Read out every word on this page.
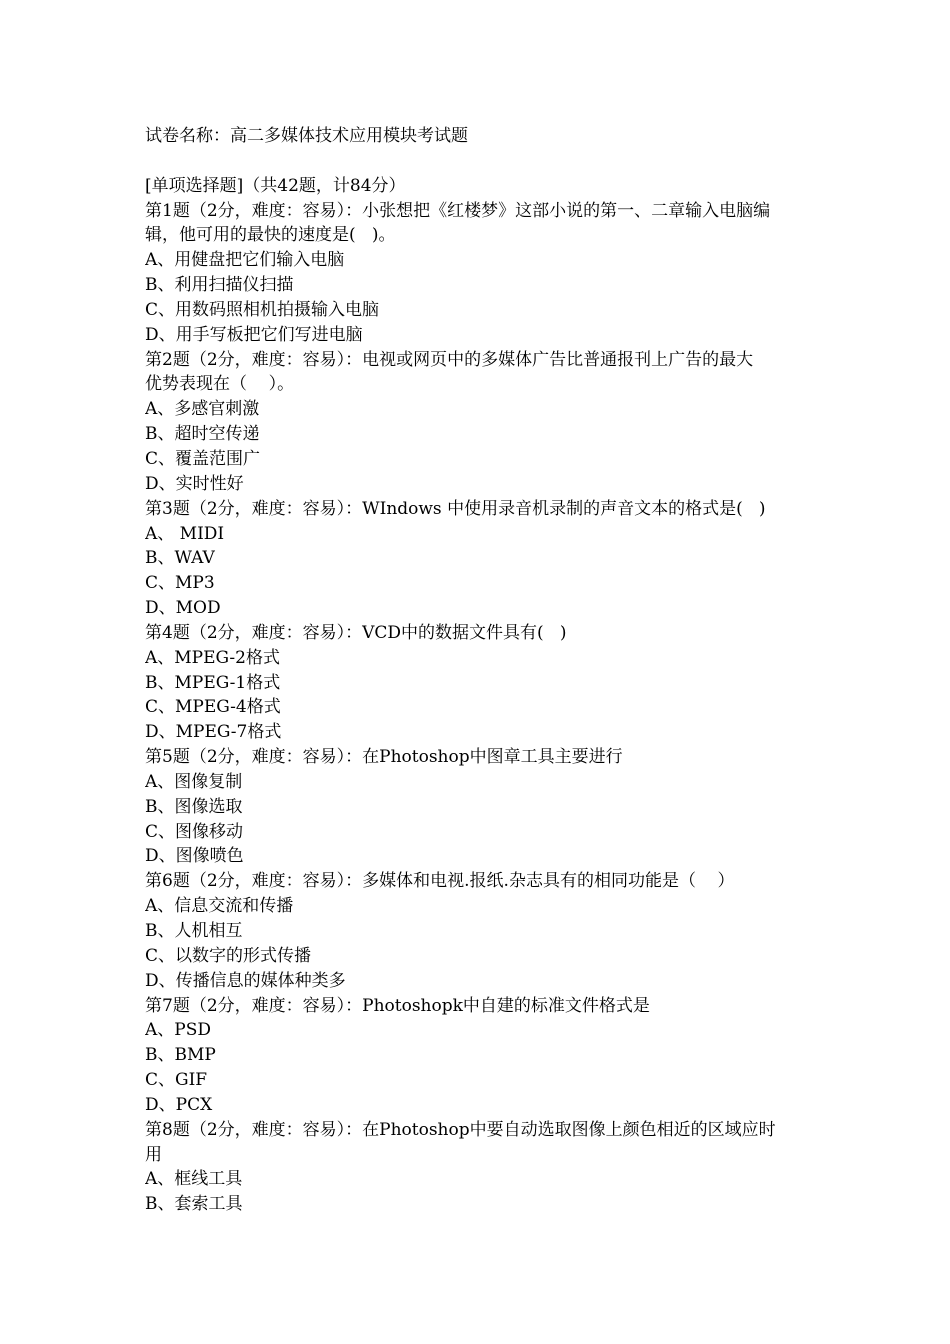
试卷名称：高二多媒体技术应用模块考试题
[单项选择题]（共42题，计84分）
第1题（2分，难度：容易）：小张想把《红楼梦》这部小说的第一、二章输入电脑编
辑，他可用的最快的速度是(   )。
A、用健盘把它们输入电脑
B、利用扫描仪扫描
C、用数码照相机拍摄输入电脑
D、用手写板把它们写进电脑
第2题（2分，难度：容易）：电视或网页中的多媒体广告比普通报刊上广告的最大
优势表现在（    ）。
A、多感官刺激
B、超时空传递
C、覆盖范围广
D、实时性好
第3题（2分，难度：容易）：WIndows 中使用录音机录制的声音文本的格式是(   )
A、 MIDI
B、WAV
C、MP3
D、MOD
第4题（2分，难度：容易）：VCD中的数据文件具有(   )
A、MPEG-2格式
B、MPEG-1格式
C、MPEG-4格式
D、MPEG-7格式
第5题（2分，难度：容易）：在Photoshop中图章工具主要进行
A、图像复制
B、图像选取
C、图像移动
D、图像喷色
第6题（2分，难度：容易）：多媒体和电视.报纸.杂志具有的相同功能是（    ）
A、信息交流和传播
B、人机相互
C、以数字的形式传播
D、传播信息的媒体种类多
第7题（2分，难度：容易）：Photoshopk中自建的标准文件格式是
A、PSD
B、BMP
C、GIF
D、PCX
第8题（2分，难度：容易）：在Photoshop中要自动选取图像上颜色相近的区域应时
用
A、框线工具
B、套索工具
